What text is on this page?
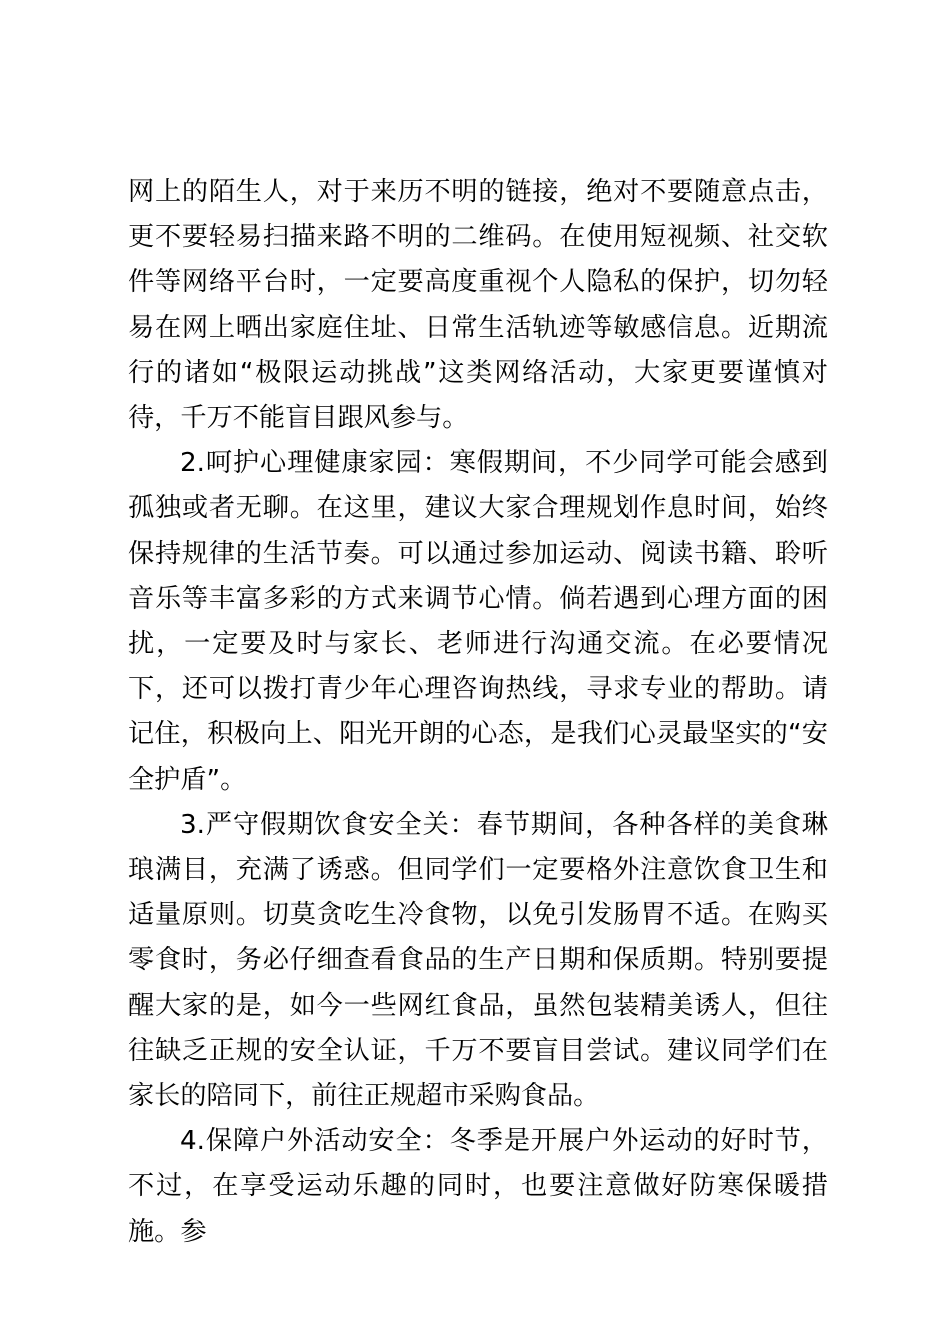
网上的陌生人，对于来历不明的链接，绝对不要随意点击，更不要轻易扫描来路不明的二维码。在使用短视频、社交软件等网络平台时，一定要高度重视个人隐私的保护，切勿轻易在网上晒出家庭住址、日常生活轨迹等敏感信息。近期流行的诸如“极限运动挑战”这类网络活动，大家更要谨慎对待，千万不能盲目跟风参与。

2.呵护心理健康家园：寒假期间，不少同学可能会感到孤独或者无聊。在这里，建议大家合理规划作息时间，始终保持规律的生活节奏。可以通过参加运动、阅读书籍、聆听音乐等丰富多彩的方式来调节心情。倘若遇到心理方面的困扰，一定要及时与家长、老师进行沟通交流。在必要情况下，还可以拨打青少年心理咨询热线，寻求专业的帮助。请记住，积极向上、阳光开朗的心态，是我们心灵最坚实的“安全护盾”。

3.严守假期饮食安全关：春节期间，各种各样的美食琳琅满目，充满了诱惑。但同学们一定要格外注意饮食卫生和适量原则。切莫贪吃生冷食物，以免引发肠胃不适。在购买零食时，务必仔细查看食品的生产日期和保质期。特别要提醒大家的是，如今一些网红食品，虽然包装精美诱人，但往往缺乏正规的安全认证，千万不要盲目尝试。建议同学们在家长的陪同下，前往正规超市采购食品。

4.保障户外活动安全：冬季是开展户外运动的好时节，不过，在享受运动乐趣的同时，也要注意做好防寒保暖措施。参
